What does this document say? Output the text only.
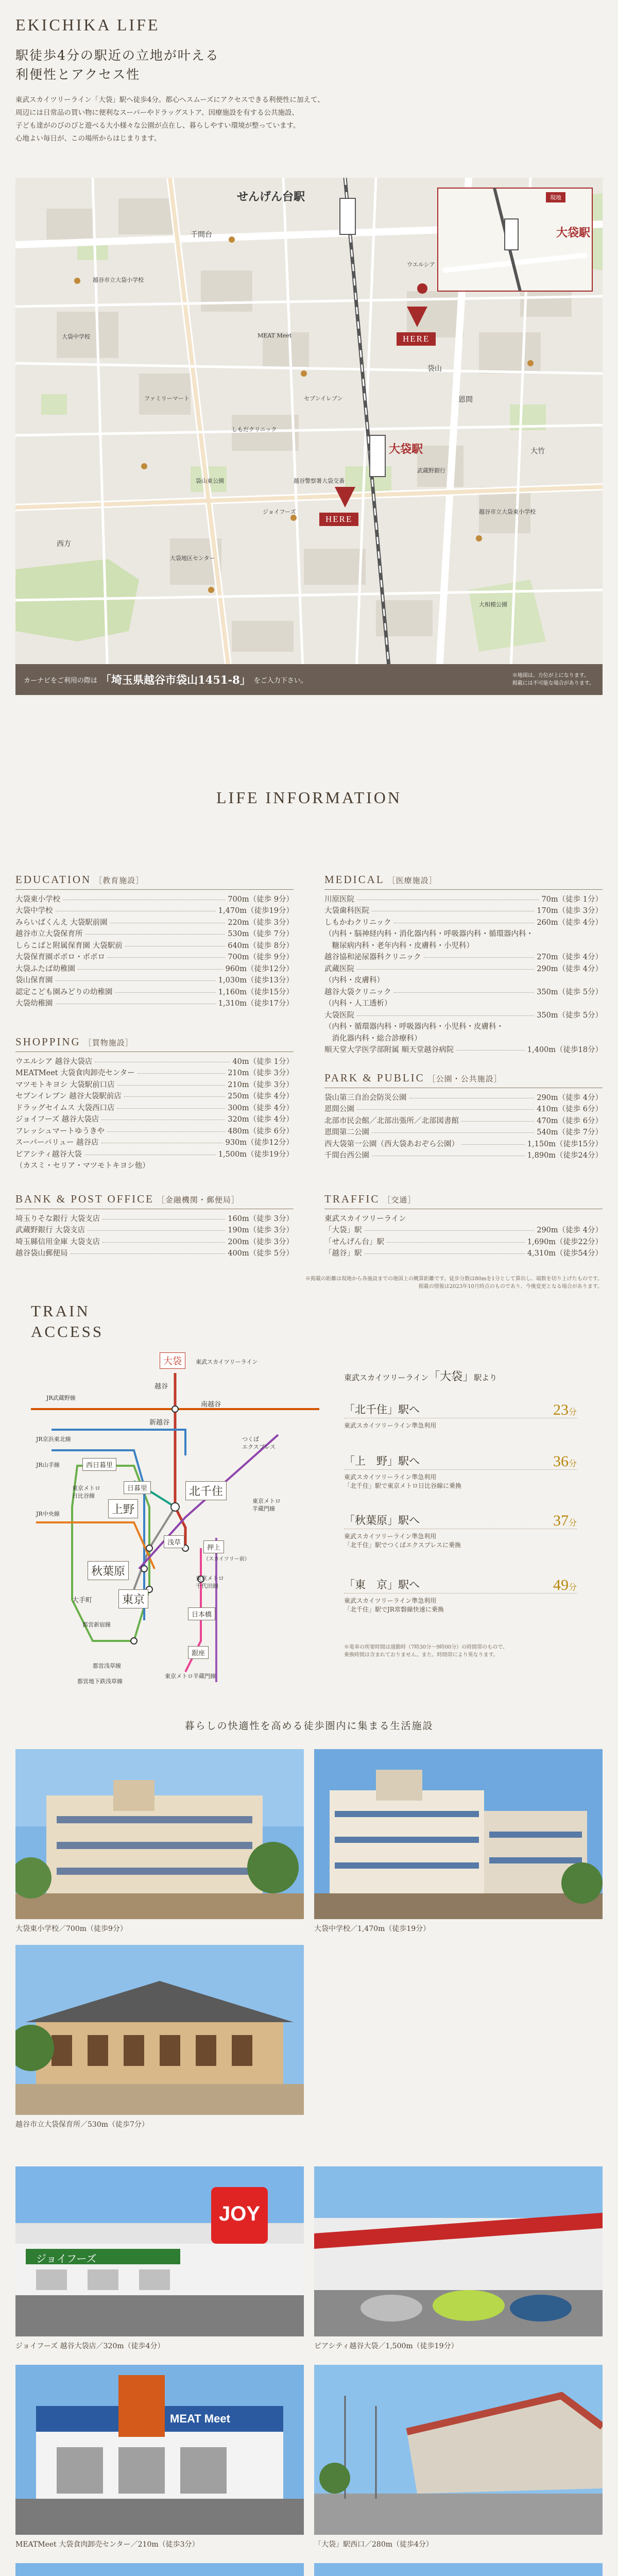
EKICHIKA LIFE
駅徒歩4分の駅近の立地が叶える
利便性とアクセス性
東武スカイツリーライン「大袋」駅へ徒歩4分。都心へスムーズにアクセスできる利便性に加えて、
周辺には日常品の買い物に便利なスーパーやドラッグストア、因療施設を有する公共施設、
子ども達がのびのびと遊べる大小様々な公園が点在し、暮らしやすい環境が整っています。
心地よい毎日が、この場所からはじまります。
せんげん台駅
大袋駅
大袋駅
HERE
HERE
現地
越谷市立大袋小学校
大袋中学校
ジョイフーズ
セブンイレブン
ウエルシア
武蔵野銀行
袋山東公園	越谷警察署大袋交番
大袋地区センター
しもだクリニック
MEAT Meet
越谷市立大袋東小学校
大相模公園
ファミリーマート
西方
千間台
大竹
恩間
袋山
カーナビをご利用の際は 「埼玉県越谷市袋山1451-8」 をご入力下さい。
※地図は、方位が上になります。
掲載には不可能な場合があります。
LIFE INFORMATION
EDUCATION ［教育施設］
大袋東小学校	700m（徒歩 9分）
大袋中学校	1,470m（徒歩19分）
みらいばくんえ 大袋駅前園	220m（徒歩 3分）
越谷市立大袋保育所	530m（徒歩 7分）
しらこばと附属保育園 大袋駅前	640m（徒歩 8分）
大袋保育園ポポロ・ポポロ	700m（徒歩 9分）
大袋ふたば幼稚園	960m（徒歩12分）
袋山保育園	1,030m（徒歩13分）
認定こども園みどりの幼稚園	1,160m（徒歩15分）
大袋幼稚園	1,310m（徒歩17分）
SHOPPING ［買物施設］
ウエルシア 越谷大袋店	40m（徒歩 1分）
MEATMeet 大袋食肉卸売センター	210m（徒歩 3分）
マツモトキヨシ 大袋駅前口店	210m（徒歩 3分）
セブンイレブン 越谷大袋駅前店	250m（徒歩 4分）
ドラッグセイムス 大袋西口店	300m（徒歩 4分）
ジョイフーズ 越谷大袋店	320m（徒歩 4分）
フレッシュマートゆうきや	480m（徒歩 6分）
スーパーバリュー 越谷店	930m（徒歩12分）
ピアシティ越谷大袋	1,500m（徒歩19分）
（カスミ・セリア・マツモトキヨシ他）
BANK & POST OFFICE ［金融機関・郵便局］
埼玉りそな銀行 大袋支店	160m（徒歩 3分）
武蔵野銀行 大袋支店	190m（徒歩 3分）
埼玉縣信用金庫 大袋支店	200m（徒歩 3分）
越谷袋山郵便局	400m（徒歩 5分）
MEDICAL ［医療施設］
川原医院	70m（徒歩 1分）
大袋歯科医院	170m（徒歩 3分）
しもかわクリニック	260m（徒歩 4分）
（内科・脳神経内科・消化器内科・呼吸器内科・循環器内科・
　糖尿病内科・老年内科・皮膚科・小児科）
越谷協和泌尿器科クリニック	270m（徒歩 4分）
武蔵医院	290m（徒歩 4分）
（内科・皮膚科）
越谷大袋クリニック	350m（徒歩 5分）
（内科・人工透析）
大袋医院	350m（徒歩 5分）
（内科・循環器内科・呼吸器内科・小児科・皮膚科・
　消化器内科・総合診療科）
順天堂大学医学部附属 順天堂越谷病院	1,400m（徒歩18分）
PARK & PUBLIC ［公園・公共施設］
袋山第三自治会防災公園	290m（徒歩 4分）
恩間公園	410m（徒歩 6分）
北部市民会館／北部出張所／北部図書館	470m（徒歩 6分）
恩間第二公園	540m（徒歩 7分）
西大袋第一公園（西大袋あおぞら公園）	1,150m（徒歩15分）
千間台西公園	1,890m（徒歩24分）
TRAFFIC ［交通］
東武スカイツリーライン
「大袋」駅	290m（徒歩 4分）
「せんげん台」駅	1,690m（徒歩22分）
「越谷」駅	4,310m（徒歩54分）
※掲載の距離は現地から各施設までの地図上の概算距離です。徒歩分数は80mを1分として算出し、端数を切り上げたものです。
掲載の情報は2023年10月時点のものであり、今後変更となる場合があります。
TRAIN
ACCESS
大袋	東武スカイツリーライン
越谷
南越谷
新越谷
北千住
西日暮里
つくば
エクスプレス
JR武蔵野線
JR京浜東北線
JR山手線
JR中央線
東京メトロ
日比谷線
上野
日暮里
浅草
押上
（スカイツリー前）
秋葉原
東京
大手町
日本橋
銀座
東京メトロ半蔵門線
都営浅草線
都営新宿線
東京メトロ
千代田線
都営地下鉄浅草線
東京メトロ
半蔵門線
東武スカイツリーライン「大袋」駅より
「北千住」駅へ	23分
東武スカイツリーライン準急利用
「上　野」駅へ	36分
東武スカイツリーライン準急利用
「北千住」駅で東京メトロ日比谷線に乗換
「秋葉原」駅へ	37分
東武スカイツリーライン準急利用
「北千住」駅でつくばエクスプレスに乗換
「東　京」駅へ	49分
東武スカイツリーライン準急利用
「北千住」駅でJR常磐線快速に乗換
※電車の所要時間は通勤時（7時30分～9時00分）の時間帯のもので、
乗換時間は含まれておりません。また、時間帯により異なります。
暮らしの快適性を高める徒歩圏内に集まる生活施設
大袋東小学校／700m（徒歩9分）	大袋中学校／1,470m（徒歩19分）
越谷市立大袋保育所／530m（徒歩7分）
JOY
ジョイフーズ
ジョイフーズ 越谷大袋店／320m（徒歩4分）	ピアシティ越谷大袋／1,500m（徒歩19分）
MEAT Meet
MEATMeet 大袋食肉卸売センター／210m（徒歩3分）	「大袋」駅西口／280m（徒歩4分）
